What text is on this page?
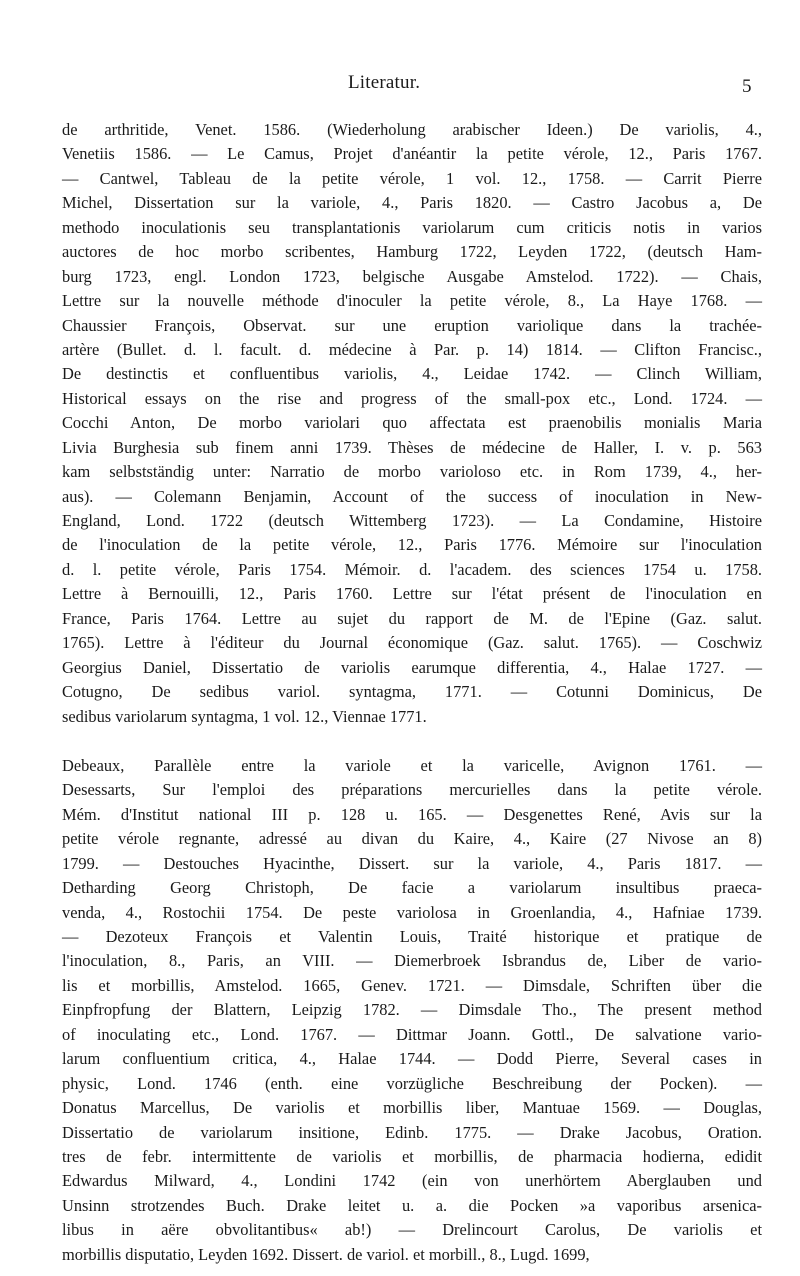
Literatur.	5
de arthritide, Venet. 1586. (Wiederholung arabischer Ideen.) De variolis, 4.,
Venetiis 1586. — Le Camus, Projet d'anéantir la petite vérole, 12., Paris 1767.
— Cantwel, Tableau de la petite vérole, 1 vol. 12., 1758. — Carrit Pierre
Michel, Dissertation sur la variole, 4., Paris 1820. — Castro Jacobus a, De
methodo inoculationis seu transplantationis variolarum cum criticis notis in varios
auctores de hoc morbo scribentes, Hamburg 1722, Leyden 1722, (deutsch Ham-
burg 1723, engl. London 1723, belgische Ausgabe Amstelod. 1722). — Chais,
Lettre sur la nouvelle méthode d'inoculer la petite vérole, 8., La Haye 1768. —
Chaussier François, Observat. sur une eruption variolique dans la trachée-
artère (Bullet. d. l. facult. d. médecine à Par. p. 14) 1814. — Clifton Francisc.,
De destinctis et confluentibus variolis, 4., Leidae 1742. — Clinch William,
Historical essays on the rise and progress of the small-pox etc., Lond. 1724. —
Cocchi Anton, De morbo variolari quo affectata est praenobilis monialis Maria
Livia Burghesia sub finem anni 1739. Thèses de médecine de Haller, I. v. p. 563
kam selbstständig unter: Narratio de morbo varioloso etc. in Rom 1739, 4., her-
aus). — Colemann Benjamin, Account of the success of inoculation in New-
England, Lond. 1722 (deutsch Wittemberg 1723). — La Condamine, Histoire
de l'inoculation de la petite vérole, 12., Paris 1776. Mémoire sur l'inoculation
d. l. petite vérole, Paris 1754. Mémoir. d. l'academ. des sciences 1754 u. 1758.
Lettre à Bernouilli, 12., Paris 1760. Lettre sur l'état présent de l'inoculation en
France, Paris 1764. Lettre au sujet du rapport de M. de l'Epine (Gaz. salut.
1765). Lettre à l'éditeur du Journal économique (Gaz. salut. 1765). — Coschwiz
Georgius Daniel, Dissertatio de variolis earumque differentia, 4., Halae 1727. —
Cotugno, De sedibus variol. syntagma, 1771. — Cotunni Dominicus, De
sedibus variolarum syntagma, 1 vol. 12., Viennae 1771.
Debeaux, Parallèle entre la variole et la varicelle, Avignon 1761. —
Desessarts, Sur l'emploi des préparations mercurielles dans la petite vérole.
Mém. d'Institut national III p. 128 u. 165. — Desgenettes René, Avis sur la
petite vérole regnante, adressé au divan du Kaire, 4., Kaire (27 Nivose an 8)
1799. — Destouches Hyacinthe, Dissert. sur la variole, 4., Paris 1817. —
Detharding Georg Christoph, De facie a variolarum insultibus praeca-
venda, 4., Rostochii 1754. De peste variolosa in Groenlandia, 4., Hafniae 1739.
— Dezoteux François et Valentin Louis, Traité historique et pratique de
l'inoculation, 8., Paris, an VIII. — Diemerbroek Isbrandus de, Liber de vario-
lis et morbillis, Amstelod. 1665, Genev. 1721. — Dimsdale, Schriften über die
Einpfropfung der Blattern, Leipzig 1782. — Dimsdale Tho., The present method
of inoculating etc., Lond. 1767. — Dittmar Joann. Gottl., De salvatione vario-
larum confluentium critica, 4., Halae 1744. — Dodd Pierre, Several cases in
physic, Lond. 1746 (enth. eine vorzügliche Beschreibung der Pocken). —
Donatus Marcellus, De variolis et morbillis liber, Mantuae 1569. — Douglas,
Dissertatio de variolarum insitione, Edinb. 1775. — Drake Jacobus, Oration.
tres de febr. intermittente de variolis et morbillis, de pharmacia hodierna, edidit
Edwardus Milward, 4., Londini 1742 (ein von unerhörtem Aberglauben und
Unsinn strotzendes Buch. Drake leitet u. a. die Pocken »a vaporibus arsenica-
libus in aëre obvolitantibus« ab!) — Drelincourt Carolus, De variolis et
morbillis disputatio, Leyden 1692. Dissert. de variol. et morbill., 8., Lugd. 1699,
